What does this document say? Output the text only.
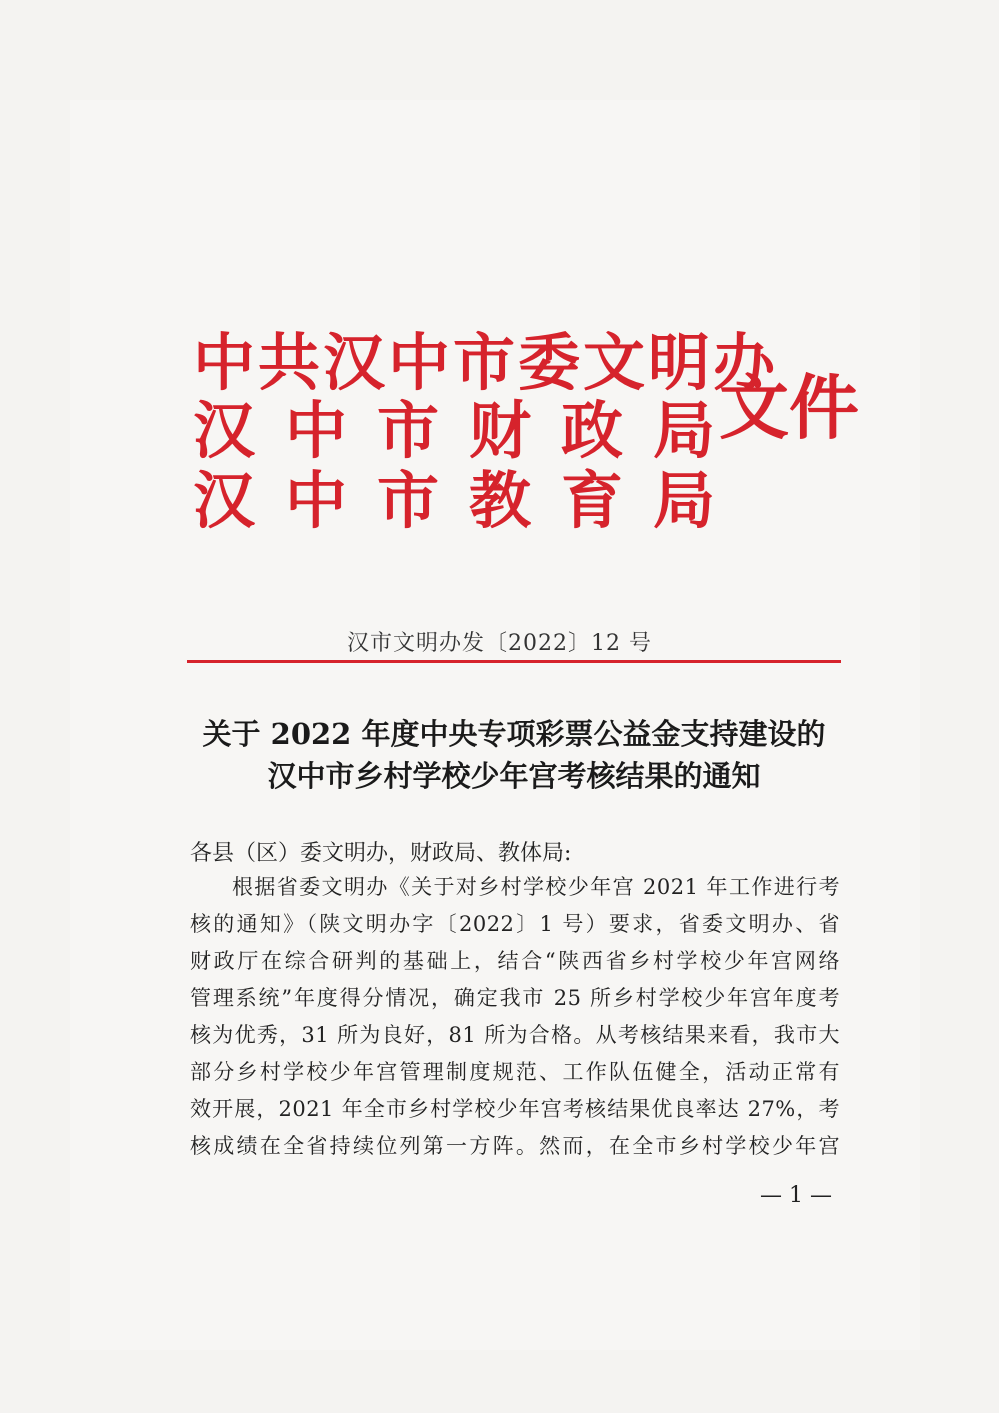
中共汉中市委文明办
汉 中 市 财 政 局
汉 中 市 教 育 局
文件
汉市文明办发〔2022〕12 号
关于 2022 年度中央专项彩票公益金支持建设的
汉中市乡村学校少年宫考核结果的通知
各县（区）委文明办，财政局、教体局:
根据省委文明办《关于对乡村学校少年宫 2021 年工作进行考
核的通知》（陕文明办字〔2022〕1 号）要求，省委文明办、省
财政厅在综合研判的基础上，结合“陕西省乡村学校少年宫网络
管理系统”年度得分情况，确定我市 25 所乡村学校少年宫年度考
核为优秀，31 所为良好，81 所为合格。从考核结果来看，我市大
部分乡村学校少年宫管理制度规范、工作队伍健全，活动正常有
效开展，2021 年全市乡村学校少年宫考核结果优良率达 27%，考
核成绩在全省持续位列第一方阵。然而，在全市乡村学校少年宫
— 1 —
